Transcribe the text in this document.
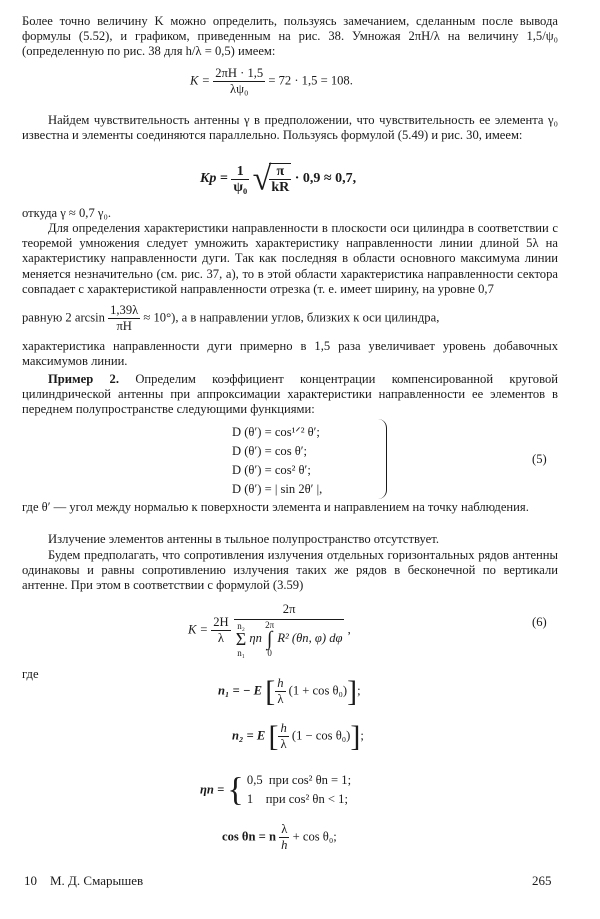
Более точно величину K можно определить, пользуясь замечанием, сделанным после вывода формулы (5.52), и графиком, приведенным на рис. 38. Умножая 2πH/λ на величину 1,5/ψ₀ (определенную по рис. 38 для h/λ = 0,5) имеем:

$K = \frac{2\pi H \cdot 1,5}{\text{λψ₀}} = 72 \cdot 1,5 = 108$.

Найдем чувствительность антенны γ в предположении, что чувствительность ее элемента γ₀ известна и элементы соединяются параллельно. Пользуясь формулой (5.49) и рис. 30, имеем:

$Kp = \frac{1}{\text{ψ₀}}$ √
$\frac{\pi}{kR} \cdot 0,9 \approx 0,7$,

откуда γ ≈ 0,7 γ₀.

Для определения характеристики направленности в плоскости оси цилиндра в соответствии с теоремой умножения следует умножить характеристику направленности линии длиной 5λ на характеристику направленности дуги. Так как последняя в области основного максимума линии меняется незначительно (см. рис. 37, а), то в этой области характеристика направленности сектора совпадает с характеристикой направленности отрезка (т. е. имеет ширину, на уровне 0,7

равную 2 $\arcsin \frac{1,39\lambda}{\pi H} \approx 10^\circ$), а в направлении углов, близких к оси цилиндра,

характеристика направленности дуги примерно в 1,5 раза увеличивает уровень добавочных максимумов линии.

Пример 2. Определим коэффициент концентрации компенсированной круговой цилиндрической антенны при аппроксимации характеристики направленности ее элементов в переднем полупространстве следующими функциями:

D (θ′) = cos¹ᐟ² θ′;
D (θ′) = cos θ′;
D (θ′) = cos² θ′;
D (θ′) = | sin 2θ′ |,
(5)

где θ′ — угол между нормалью к поверхности элемента и направлением на точку наблюдения.

Излучение элементов антенны в тыльное полупространство отсутствует.

Будем предполагать, что сопротивления излучения отдельных горизонтальных рядов антенны одинаковы и равны сопротивлению излучения таких же рядов в бесконечной по вертикали антенне. При этом в соответствии с формулой (3.59)

$K = \frac{2H}{\lambda}$

2π
n₂
Σ
n₁
ηn
2π
∫
0
R² (θn, φ) dφ
,
(6)

где

n₁ = − E [ $\frac{h}{\lambda} (1 + \cos \theta_0)$];
n₂ = E [ $\frac{h}{\lambda} (1 - \cos \theta_0)$];
ηn = { 0,5  при cos² θn = 1;
1    при cos² θn < 1;
cos θn = n $\frac{\lambda}{h} + \cos \theta_0$;
10 М. Д. Смарышев	265
